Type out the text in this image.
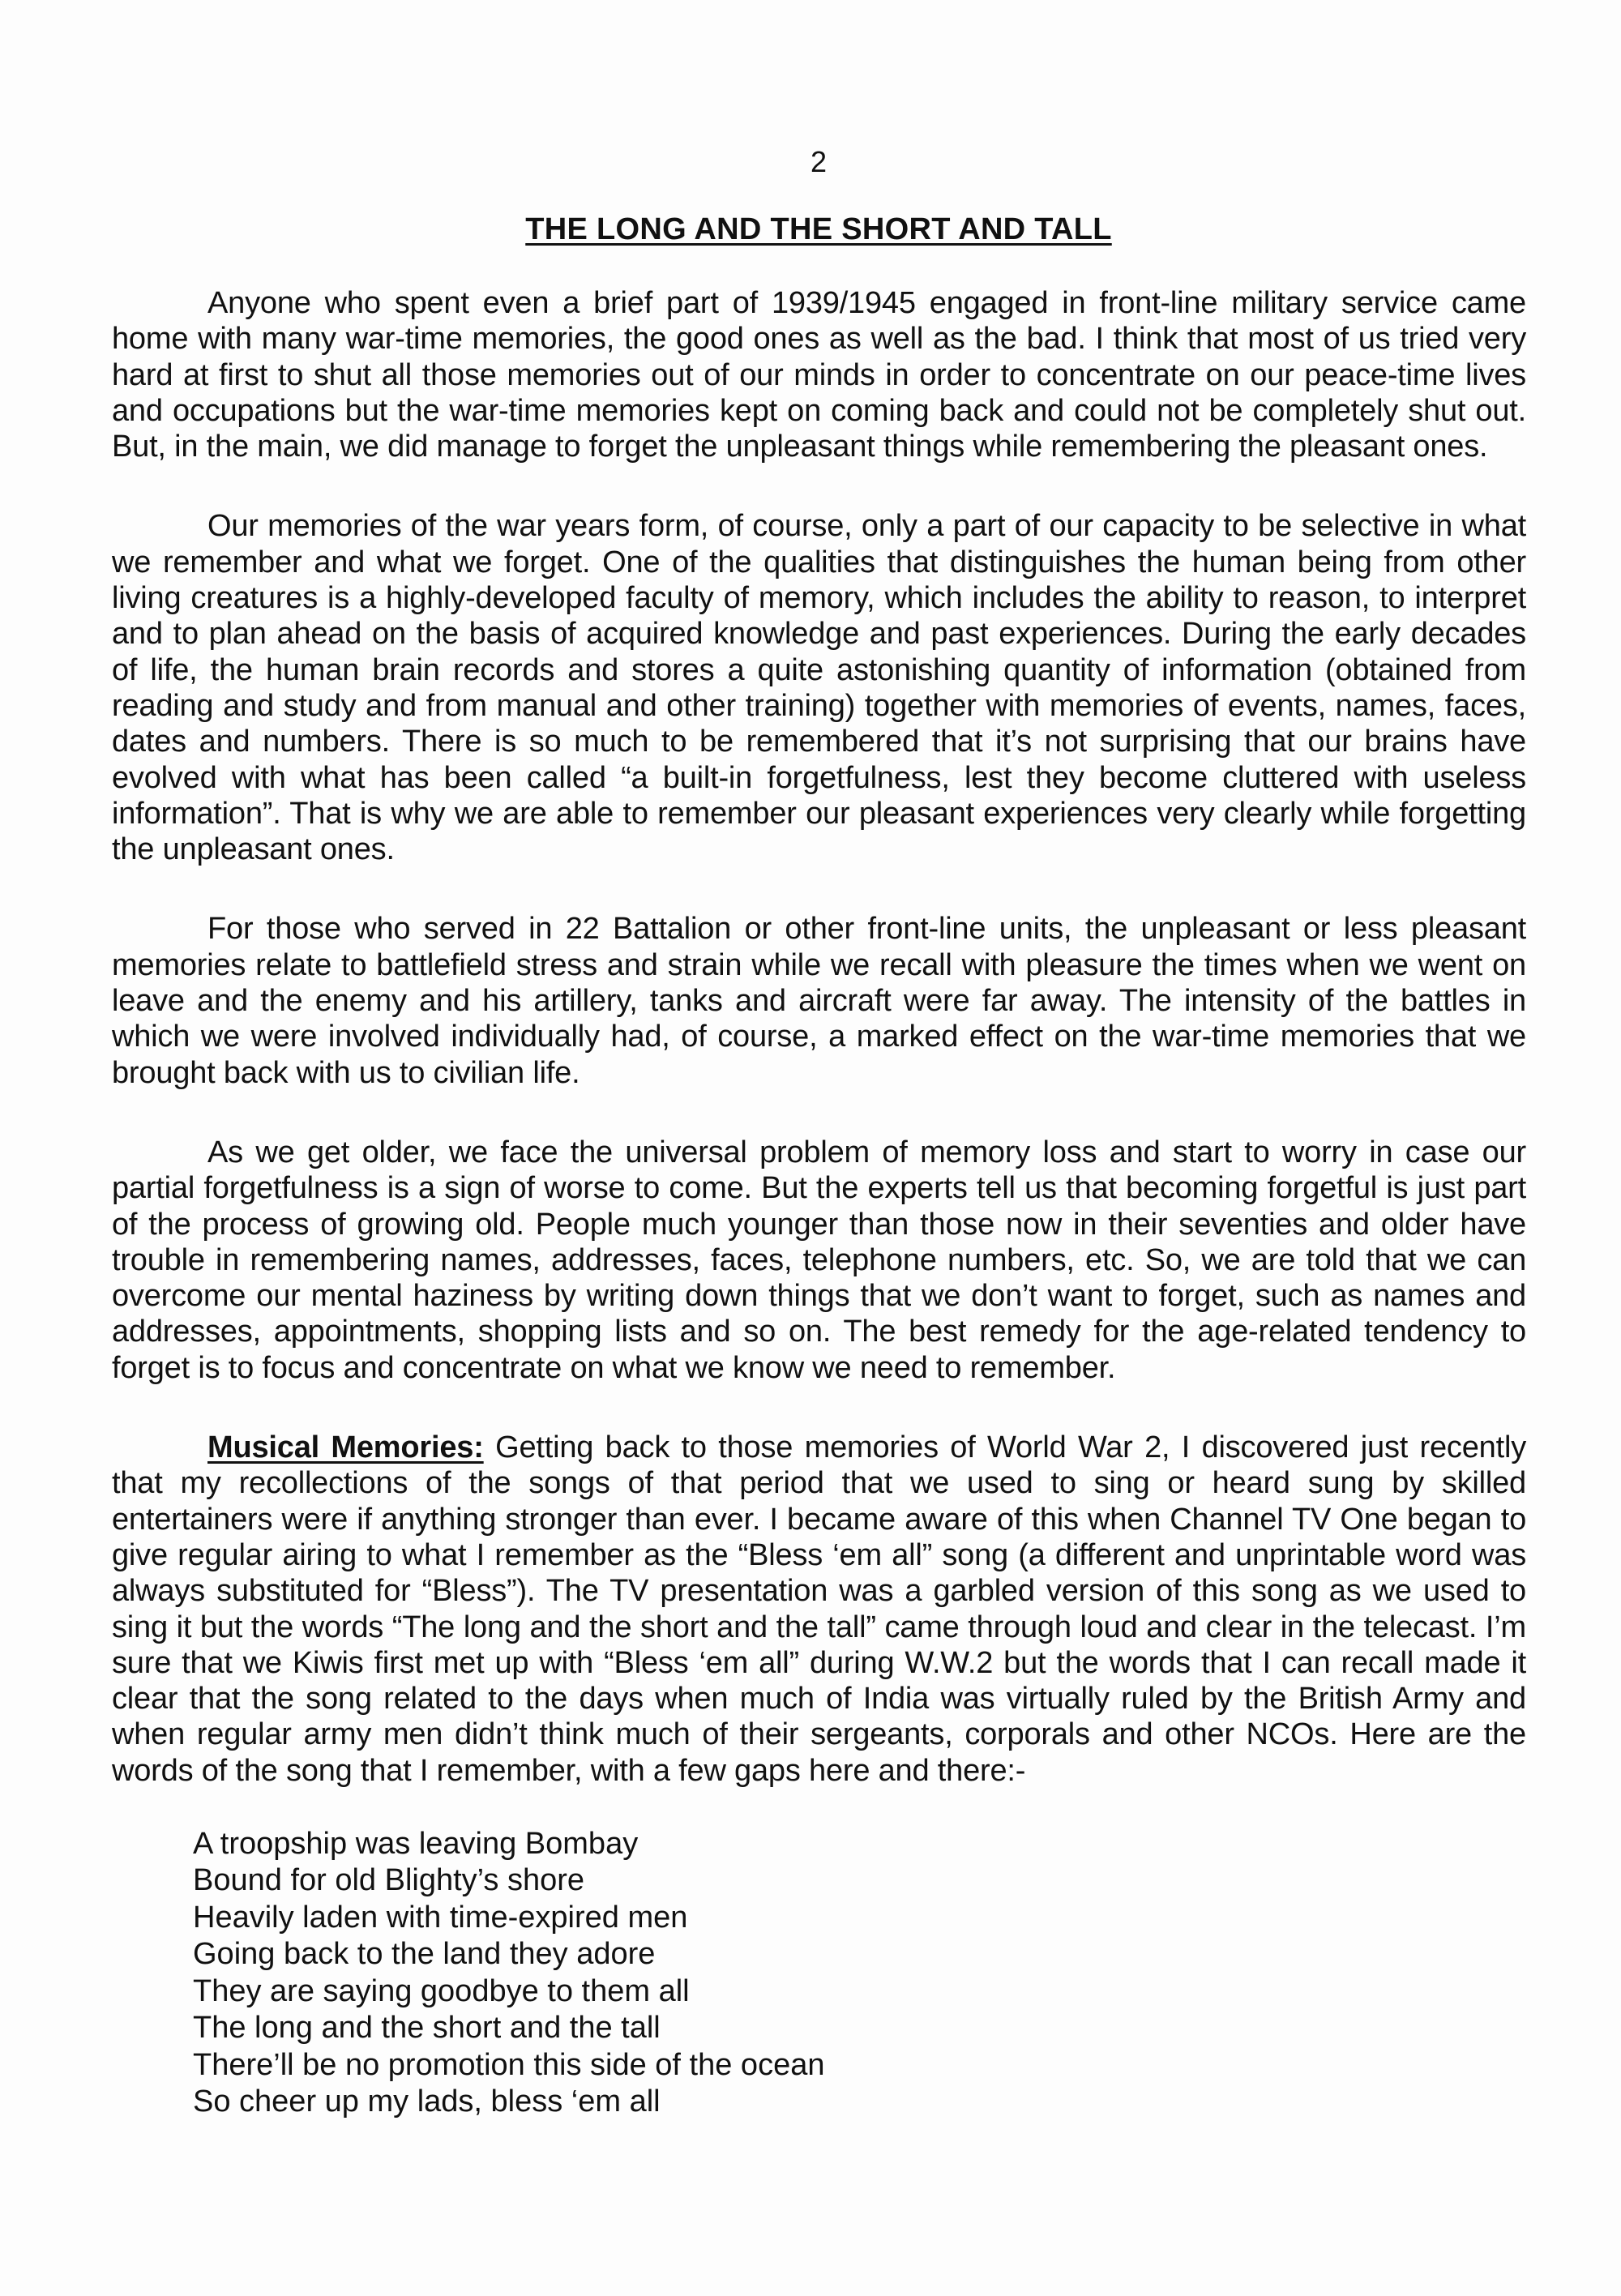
2
THE LONG AND THE SHORT AND TALL

Anyone who spent even a brief part of 1939/1945 engaged in front-line military service came home with many war-time memories, the good ones as well as the bad. I think that most of us tried very hard at first to shut all those memories out of our minds in order to concentrate on our peace-time lives and occupations but the war-time memories kept on coming back and could not be completely shut out. But, in the main, we did manage to forget the unpleasant things while remembering the pleasant ones.

Our memories of the war years form, of course, only a part of our capacity to be selective in what we remember and what we forget. One of the qualities that distinguishes the human being from other living creatures is a highly-developed faculty of memory, which includes the ability to reason, to interpret and to plan ahead on the basis of acquired knowledge and past experiences. During the early decades of life, the human brain records and stores a quite astonishing quantity of information (obtained from reading and study and from manual and other training) together with memories of events, names, faces, dates and numbers. There is so much to be remembered that it’s not surprising that our brains have evolved with what has been called “a built-in forgetfulness, lest they become cluttered with useless information”. That is why we are able to remember our pleasant experiences very clearly while forgetting the unpleasant ones.

For those who served in 22 Battalion or other front-line units, the unpleasant or less pleasant memories relate to battlefield stress and strain while we recall with pleasure the times when we went on leave and the enemy and his artillery, tanks and aircraft were far away. The intensity of the battles in which we were involved individually had, of course, a marked effect on the war-time memories that we brought back with us to civilian life.

As we get older, we face the universal problem of memory loss and start to worry in case our partial forgetfulness is a sign of worse to come. But the experts tell us that becoming forgetful is just part of the process of growing old. People much younger than those now in their seventies and older have trouble in remembering names, addresses, faces, telephone numbers, etc. So, we are told that we can overcome our mental haziness by writing down things that we don’t want to forget, such as names and addresses, appointments, shopping lists and so on. The best remedy for the age-related tendency to forget is to focus and concentrate on what we know we need to remember.

Musical Memories: Getting back to those memories of World War 2, I discovered just recently that my recollections of the songs of that period that we used to sing or heard sung by skilled entertainers were if anything stronger than ever. I became aware of this when Channel TV One began to give regular airing to what I remember as the “Bless ‘em all” song (a different and unprintable word was always substituted for “Bless”). The TV presentation was a garbled version of this song as we used to sing it but the words “The long and the short and the tall” came through loud and clear in the telecast. I’m sure that we Kiwis first met up with “Bless ‘em all” during W.W.2 but the words that I can recall made it clear that the song related to the days when much of India was virtually ruled by the British Army and when regular army men didn’t think much of their sergeants, corporals and other NCOs. Here are the words of the song that I remember, with a few gaps here and there:-

A troopship was leaving Bombay
Bound for old Blighty’s shore
Heavily laden with time-expired men
Going back to the land they adore
They are saying goodbye to them all
The long and the short and the tall
There’ll be no promotion this side of the ocean
So cheer up my lads, bless ‘em all
